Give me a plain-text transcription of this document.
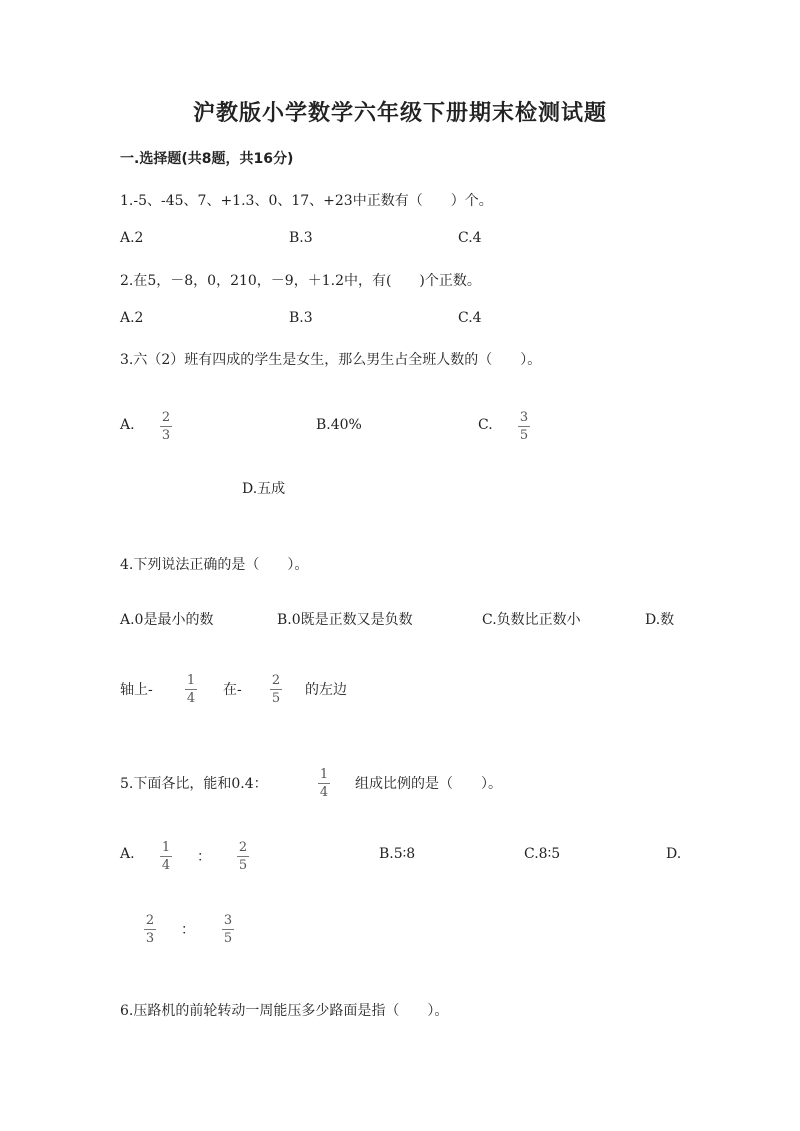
沪教版小学数学六年级下册期末检测试题
一.选择题(共8题，共16分)
1.-5、-45、7、+1.3、0、17、+23中正数有（　　）个。
A.2	B.3	C.4
2.在5，－8，0，210，－9，＋1.2中，有(　　)个正数。
A.2	B.3	C.4
3.六（2）班有四成的学生是女生，那么男生占全班人数的（　　）。
A. 2
3
B.40%	C. 3
5
D.五成
4.下列说法正确的是（　　）。
A.0是最小的数	B.0既是正数又是负数	C.负数比正数小	D.数
轴上-
1
4
在-
2
5
的左边
5.下面各比，能和0.4：
1
4
组成比例的是（　　）。
A. 1
4
：
2
5
B.5∶8	C.8∶5	D.
2
3
：
3
5
6.压路机的前轮转动一周能压多少路面是指（　　）。
